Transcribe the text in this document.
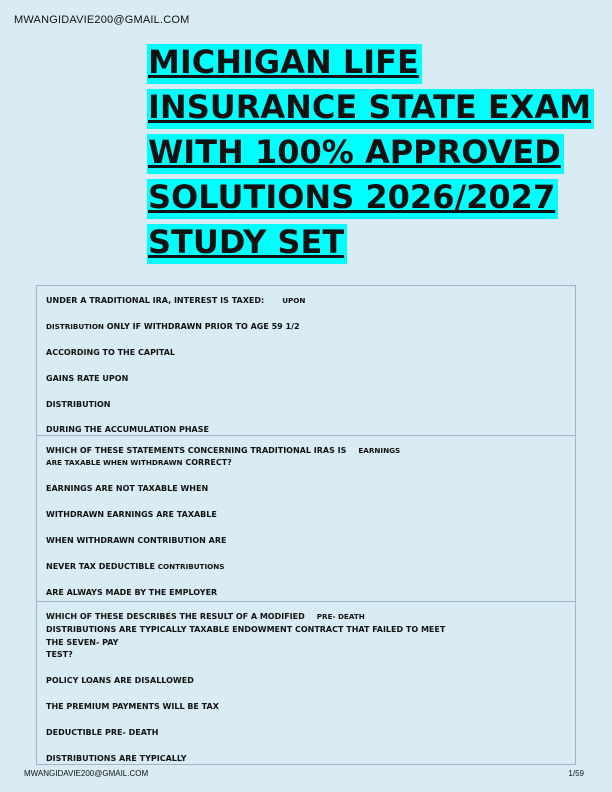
MWANGIDAVIE200@GMAIL.COM
MICHIGAN LIFE
INSURANCE STATE EXAM
WITH 100% APPROVED
SOLUTIONS 2026/2027
STUDY SET
UNDER A TRADITIONAL IRA, INTEREST IS TAXED:	UPON
DISTRIBUTION ONLY IF WITHDRAWN PRIOR TO AGE 59 1/2
ACCORDING TO THE CAPITAL
GAINS RATE UPON
DISTRIBUTION
DURING THE ACCUMULATION PHASE
WHICH OF THESE STATEMENTS CONCERNING TRADITIONAL IRAS IS EARNINGS
ARE TAXABLE WHEN WITHDRAWN CORRECT?
EARNINGS ARE NOT TAXABLE WHEN
WITHDRAWN EARNINGS ARE TAXABLE
WHEN WITHDRAWN CONTRIBUTION ARE
NEVER TAX DEDUCTIBLE CONTRIBUTIONS
ARE ALWAYS MADE BY THE EMPLOYER
WHICH OF THESE DESCRIBES THE RESULT OF A MODIFIED PRE- DEATH
DISTRIBUTIONS ARE TYPICALLY TAXABLE ENDOWMENT CONTRACT THAT FAILED TO MEET
THE SEVEN- PAY
TEST?
POLICY LOANS ARE DISALLOWED
THE PREMIUM PAYMENTS WILL BE TAX
DEDUCTIBLE PRE- DEATH
DISTRIBUTIONS ARE TYPICALLY
MWANGIDAVIE200@GMAIL.COM	1/59
